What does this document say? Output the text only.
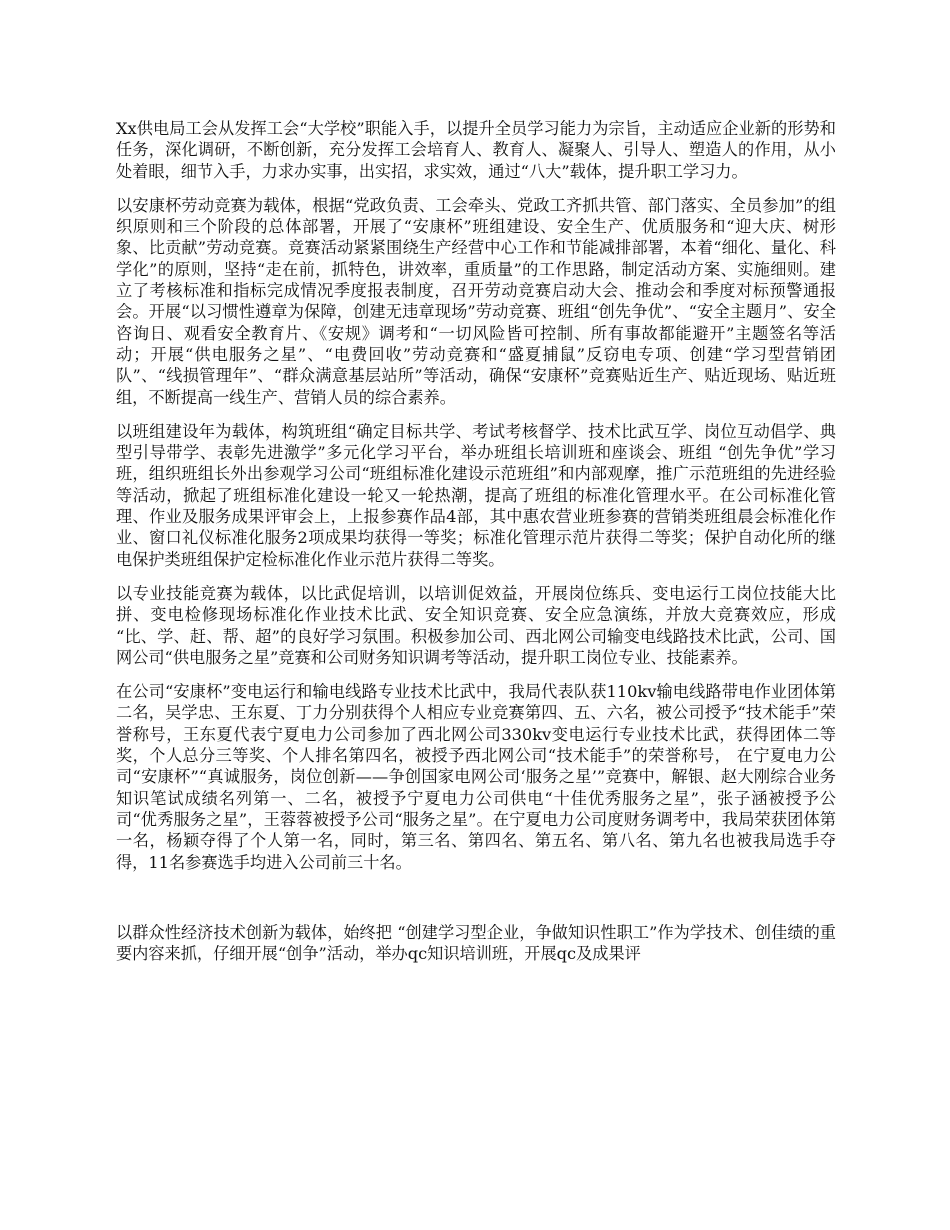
Xx供电局工会从发挥工会“大学校”职能入手，以提升全员学习能力为宗旨，主动适应企业新的形势和任务，深化调研，不断创新，充分发挥工会培育人、教育人、凝聚人、引导人、塑造人的作用，从小处着眼，细节入手，力求办实事，出实招，求实效，通过“八大”载体，提升职工学习力。

以安康杯劳动竞赛为载体，根据“党政负责、工会牵头、党政工齐抓共管、部门落实、全员参加”的组织原则和三个阶段的总体部署，开展了“安康杯”班组建设、安全生产、优质服务和“迎大庆、树形象、比贡献”劳动竞赛。竞赛活动紧紧围绕生产经营中心工作和节能减排部署，本着“细化、量化、科学化”的原则，坚持“走在前，抓特色，讲效率，重质量”的工作思路，制定活动方案、实施细则。建立了考核标准和指标完成情况季度报表制度，召开劳动竞赛启动大会、推动会和季度对标预警通报会。开展“以习惯性遵章为保障，创建无违章现场”劳动竞赛、班组“创先争优”、“安全主题月”、安全咨询日、观看安全教育片、《安规》调考和“一切风险皆可控制、所有事故都能避开”主题签名等活动；开展“供电服务之星”、“电费回收”劳动竞赛和“盛夏捕鼠”反窃电专项、创建“学习型营销团队”、“线损管理年”、“群众满意基层站所”等活动，确保“安康杯”竞赛贴近生产、贴近现场、贴近班组，不断提高一线生产、营销人员的综合素养。

以班组建设年为载体，构筑班组“确定目标共学、考试考核督学、技术比武互学、岗位互动倡学、典型引导带学、表彰先进激学”多元化学习平台，举办班组长培训班和座谈会、班组 “创先争优”学习班，组织班组长外出参观学习公司“班组标准化建设示范班组”和内部观摩，推广示范班组的先进经验等活动，掀起了班组标准化建设一轮又一轮热潮，提高了班组的标准化管理水平。在公司标准化管理、作业及服务成果评审会上，上报参赛作品4部，其中惠农营业班参赛的营销类班组晨会标准化作业、窗口礼仪标准化服务2项成果均获得一等奖；标准化管理示范片获得二等奖；保护自动化所的继电保护类班组保护定检标准化作业示范片获得二等奖。

以专业技能竞赛为载体，以比武促培训，以培训促效益，开展岗位练兵、变电运行工岗位技能大比拼、变电检修现场标准化作业技术比武、安全知识竞赛、安全应急演练，并放大竞赛效应，形成 “比、学、赶、帮、超”的良好学习氛围。积极参加公司、西北网公司输变电线路技术比武，公司、国网公司“供电服务之星”竞赛和公司财务知识调考等活动，提升职工岗位专业、技能素养。

在公司“安康杯”变电运行和输电线路专业技术比武中，我局代表队获110kv输电线路带电作业团体第二名，吴学忠、王东夏、丁力分别获得个人相应专业竞赛第四、五、六名，被公司授予“技术能手”荣誉称号，王东夏代表宁夏电力公司参加了西北网公司330kv变电运行专业技术比武，获得团体二等奖，个人总分三等奖、个人排名第四名，被授予西北网公司“技术能手”的荣誉称号， 在宁夏电力公司“安康杯”“真诚服务，岗位创新——争创国家电网公司‘服务之星’”竞赛中，解银、赵大刚综合业务知识笔试成绩名列第一、二名，被授予宁夏电力公司供电“十佳优秀服务之星”，张子涵被授予公司“优秀服务之星”，王蓉蓉被授予公司“服务之星”。在宁夏电力公司度财务调考中，我局荣获团体第一名，杨颖夺得了个人第一名，同时，第三名、第四名、第五名、第八名、第九名也被我局选手夺得，11名参赛选手均进入公司前三十名。

以群众性经济技术创新为载体，始终把 “创建学习型企业，争做知识性职工”作为学技术、创佳绩的重要内容来抓，仔细开展“创争”活动，举办qc知识培训班，开展qc及成果评
